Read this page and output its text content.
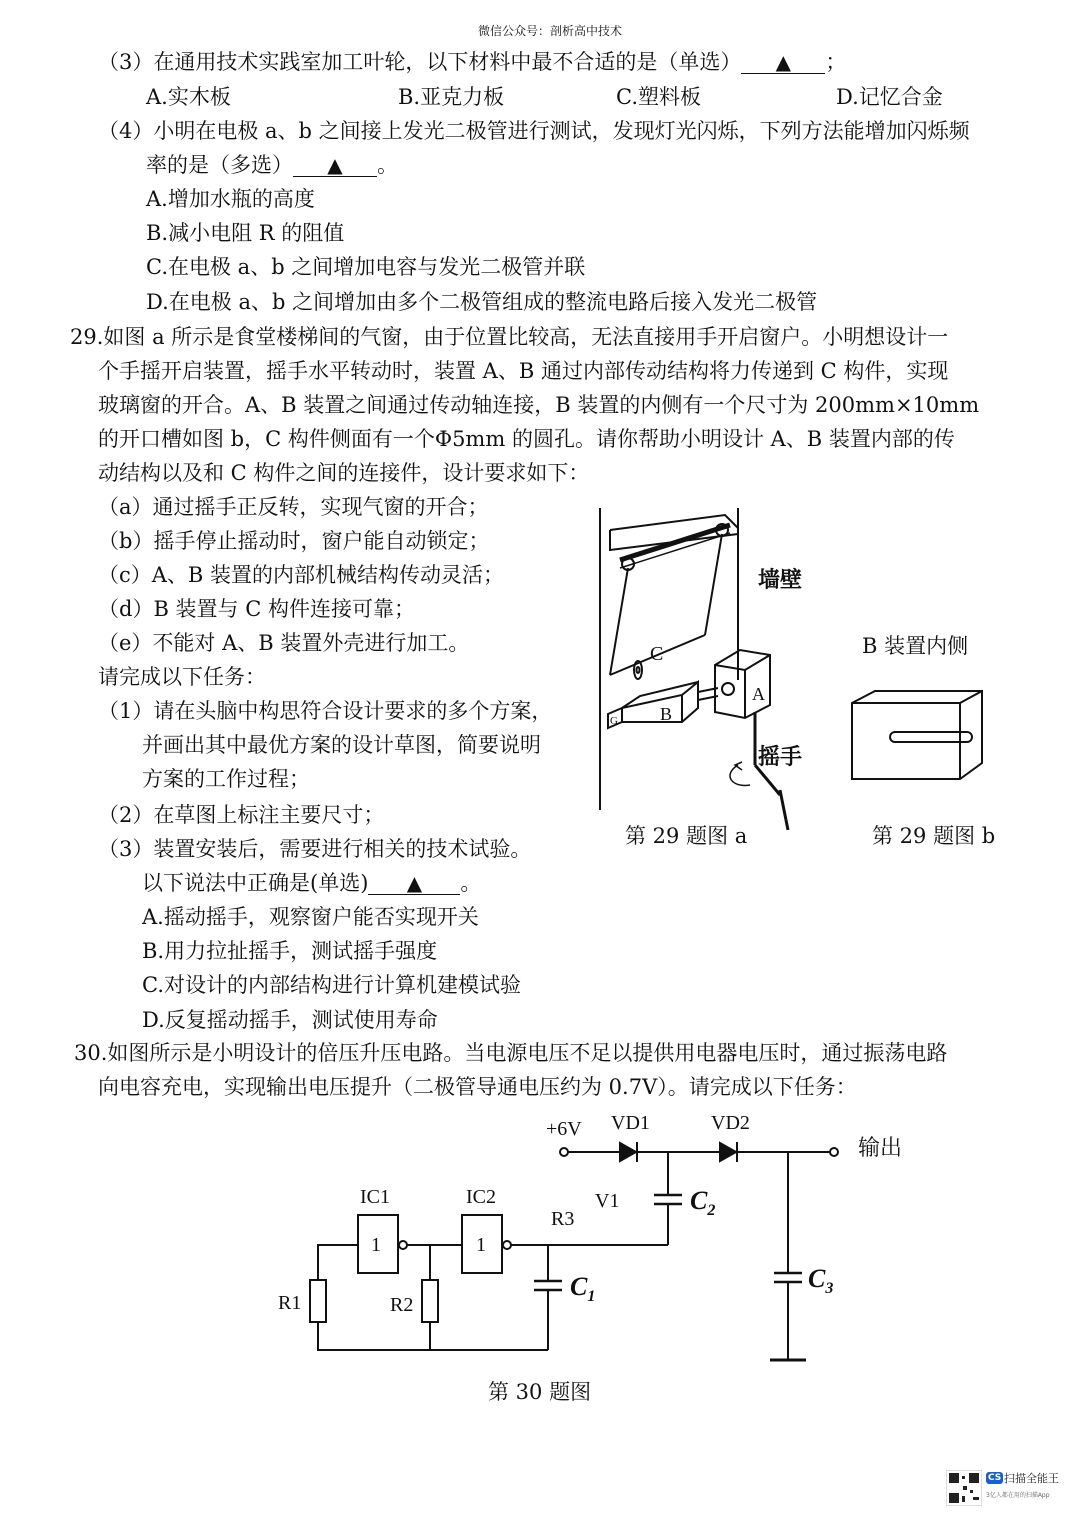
微信公众号：剖析高中技术
（3）在通用技术实践室加工叶轮，以下材料中最不合适的是（单选） ▲ ；
A.实木板	B.亚克力板	C.塑料板	D.记忆合金
（4）小明在电极 a、b 之间接上发光二极管进行测试，发现灯光闪烁，下列方法能增加闪烁频
率的是（多选） ▲ 。
A.增加水瓶的高度
B.减小电阻 R 的阻值
C.在电极 a、b 之间增加电容与发光二极管并联
D.在电极 a、b 之间增加由多个二极管组成的整流电路后接入发光二极管
29.如图 a 所示是食堂楼梯间的气窗，由于位置比较高，无法直接用手开启窗户。小明想设计一
个手摇开启装置，摇手水平转动时，装置 A、B 通过内部传动结构将力传递到 C 构件，实现
玻璃窗的开合。A、B 装置之间通过传动轴连接，B 装置的内侧有一个尺寸为 200mm×10mm
的开口槽如图 b，C 构件侧面有一个Φ5mm 的圆孔。请你帮助小明设计 A、B 装置内部的传
动结构以及和 C 构件之间的连接件，设计要求如下：
（a）通过摇手正反转，实现气窗的开合；
（b）摇手停止摇动时，窗户能自动锁定；
（c）A、B 装置的内部机械结构传动灵活；
（d）B 装置与 C 构件连接可靠；
（e）不能对 A、B 装置外壳进行加工。
请完成以下任务：
（1）请在头脑中构思符合设计要求的多个方案，
并画出其中最优方案的设计草图，简要说明
方案的工作过程；
（2）在草图上标注主要尺寸；
（3）装置安装后，需要进行相关的技术试验。
以下说法中正确是(单选) ▲ 。
A.摇动摇手，观察窗户能否实现开关
B.用力拉扯摇手，测试摇手强度
C.对设计的内部结构进行计算机建模试验
D.反复摇动摇手，测试使用寿命
G B
A
C
墙壁
摇手
第 29 题图 a
B 装置内侧
第 29 题图 b
30.如图所示是小明设计的倍压升压电路。当电源电压不足以提供用电器电压时，通过振荡电路
向电容充电，实现输出电压提升（二极管导通电压约为 0.7V）。请完成以下任务：
+6V VD1	VD2
输出
IC1	IC2
1	1
R3
V1
R1	R2
$C_2$
$C_1$
$C_3$
第 30 题图
CS 扫描全能王
3亿人都在用的扫描App
